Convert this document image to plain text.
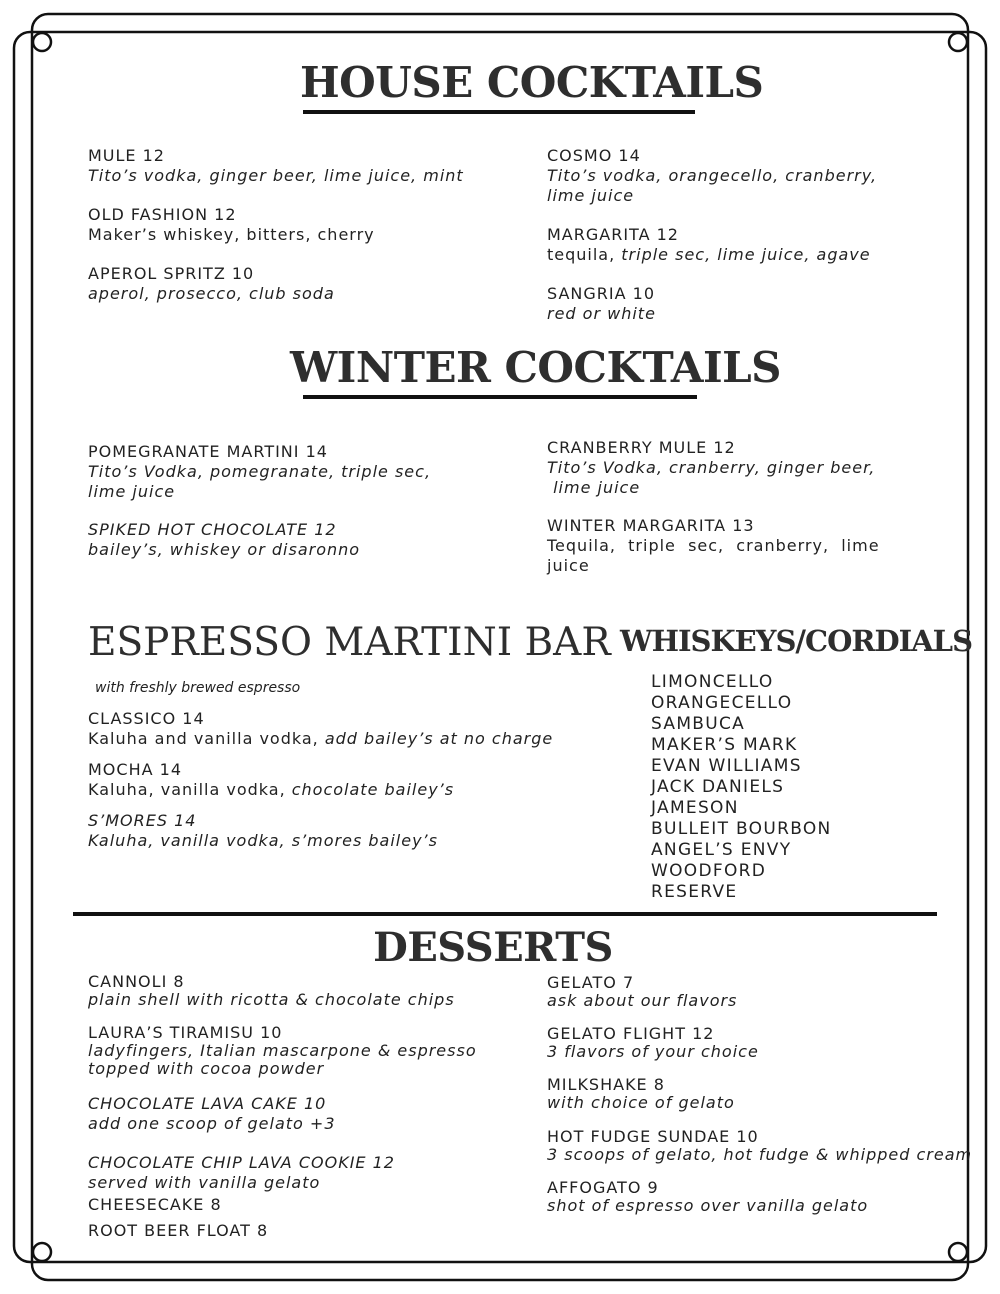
HOUSE COCKTAILS
MULE 12
Tito’s vodka, ginger beer, lime juice, mint
OLD FASHION 12
Maker’s whiskey, bitters, cherry
APEROL SPRITZ 10
aperol, prosecco, club soda
COSMO 14
Tito’s vodka, orangecello, cranberry,
lime juice
MARGARITA 12
tequila, triple sec, lime juice, agave
SANGRIA 10
red or white
WINTER COCKTAILS
POMEGRANATE MARTINI 14
Tito’s Vodka, pomegranate, triple sec,
lime juice
SPIKED HOT CHOCOLATE 12
bailey’s, whiskey or disaronno
CRANBERRY MULE 12
Tito’s Vodka, cranberry, ginger beer,
lime juice
WINTER MARGARITA 13
Tequila,  triple  sec,  cranberry,  lime
juice
ESPRESSO MARTINI BAR
with freshly brewed espresso
CLASSICO 14
Kaluha and vanilla vodka, add bailey’s at no charge
MOCHA 14
Kaluha, vanilla vodka, chocolate bailey’s
S’MORES 14
Kaluha, vanilla vodka, s’mores bailey’s
WHISKEYS/CORDIALS
LIMONCELLO
ORANGECELLO
SAMBUCA
MAKER’S MARK
EVAN WILLIAMS
JACK DANIELS
JAMESON
BULLEIT BOURBON
ANGEL’S ENVY
WOODFORD
RESERVE
DESSERTS
CANNOLI 8
plain shell with ricotta & chocolate chips
LAURA’S TIRAMISU 10
ladyfingers, Italian mascarpone & espresso
topped with cocoa powder
CHOCOLATE LAVA CAKE 10
add one scoop of gelato +3
CHOCOLATE CHIP LAVA COOKIE 12
served with vanilla gelato
CHEESECAKE 8
ROOT BEER FLOAT 8
GELATO 7
ask about our flavors
GELATO FLIGHT 12
3 flavors of your choice
MILKSHAKE 8
with choice of gelato
HOT FUDGE SUNDAE 10
3 scoops of gelato, hot fudge & whipped cream
AFFOGATO 9
shot of espresso over vanilla gelato
